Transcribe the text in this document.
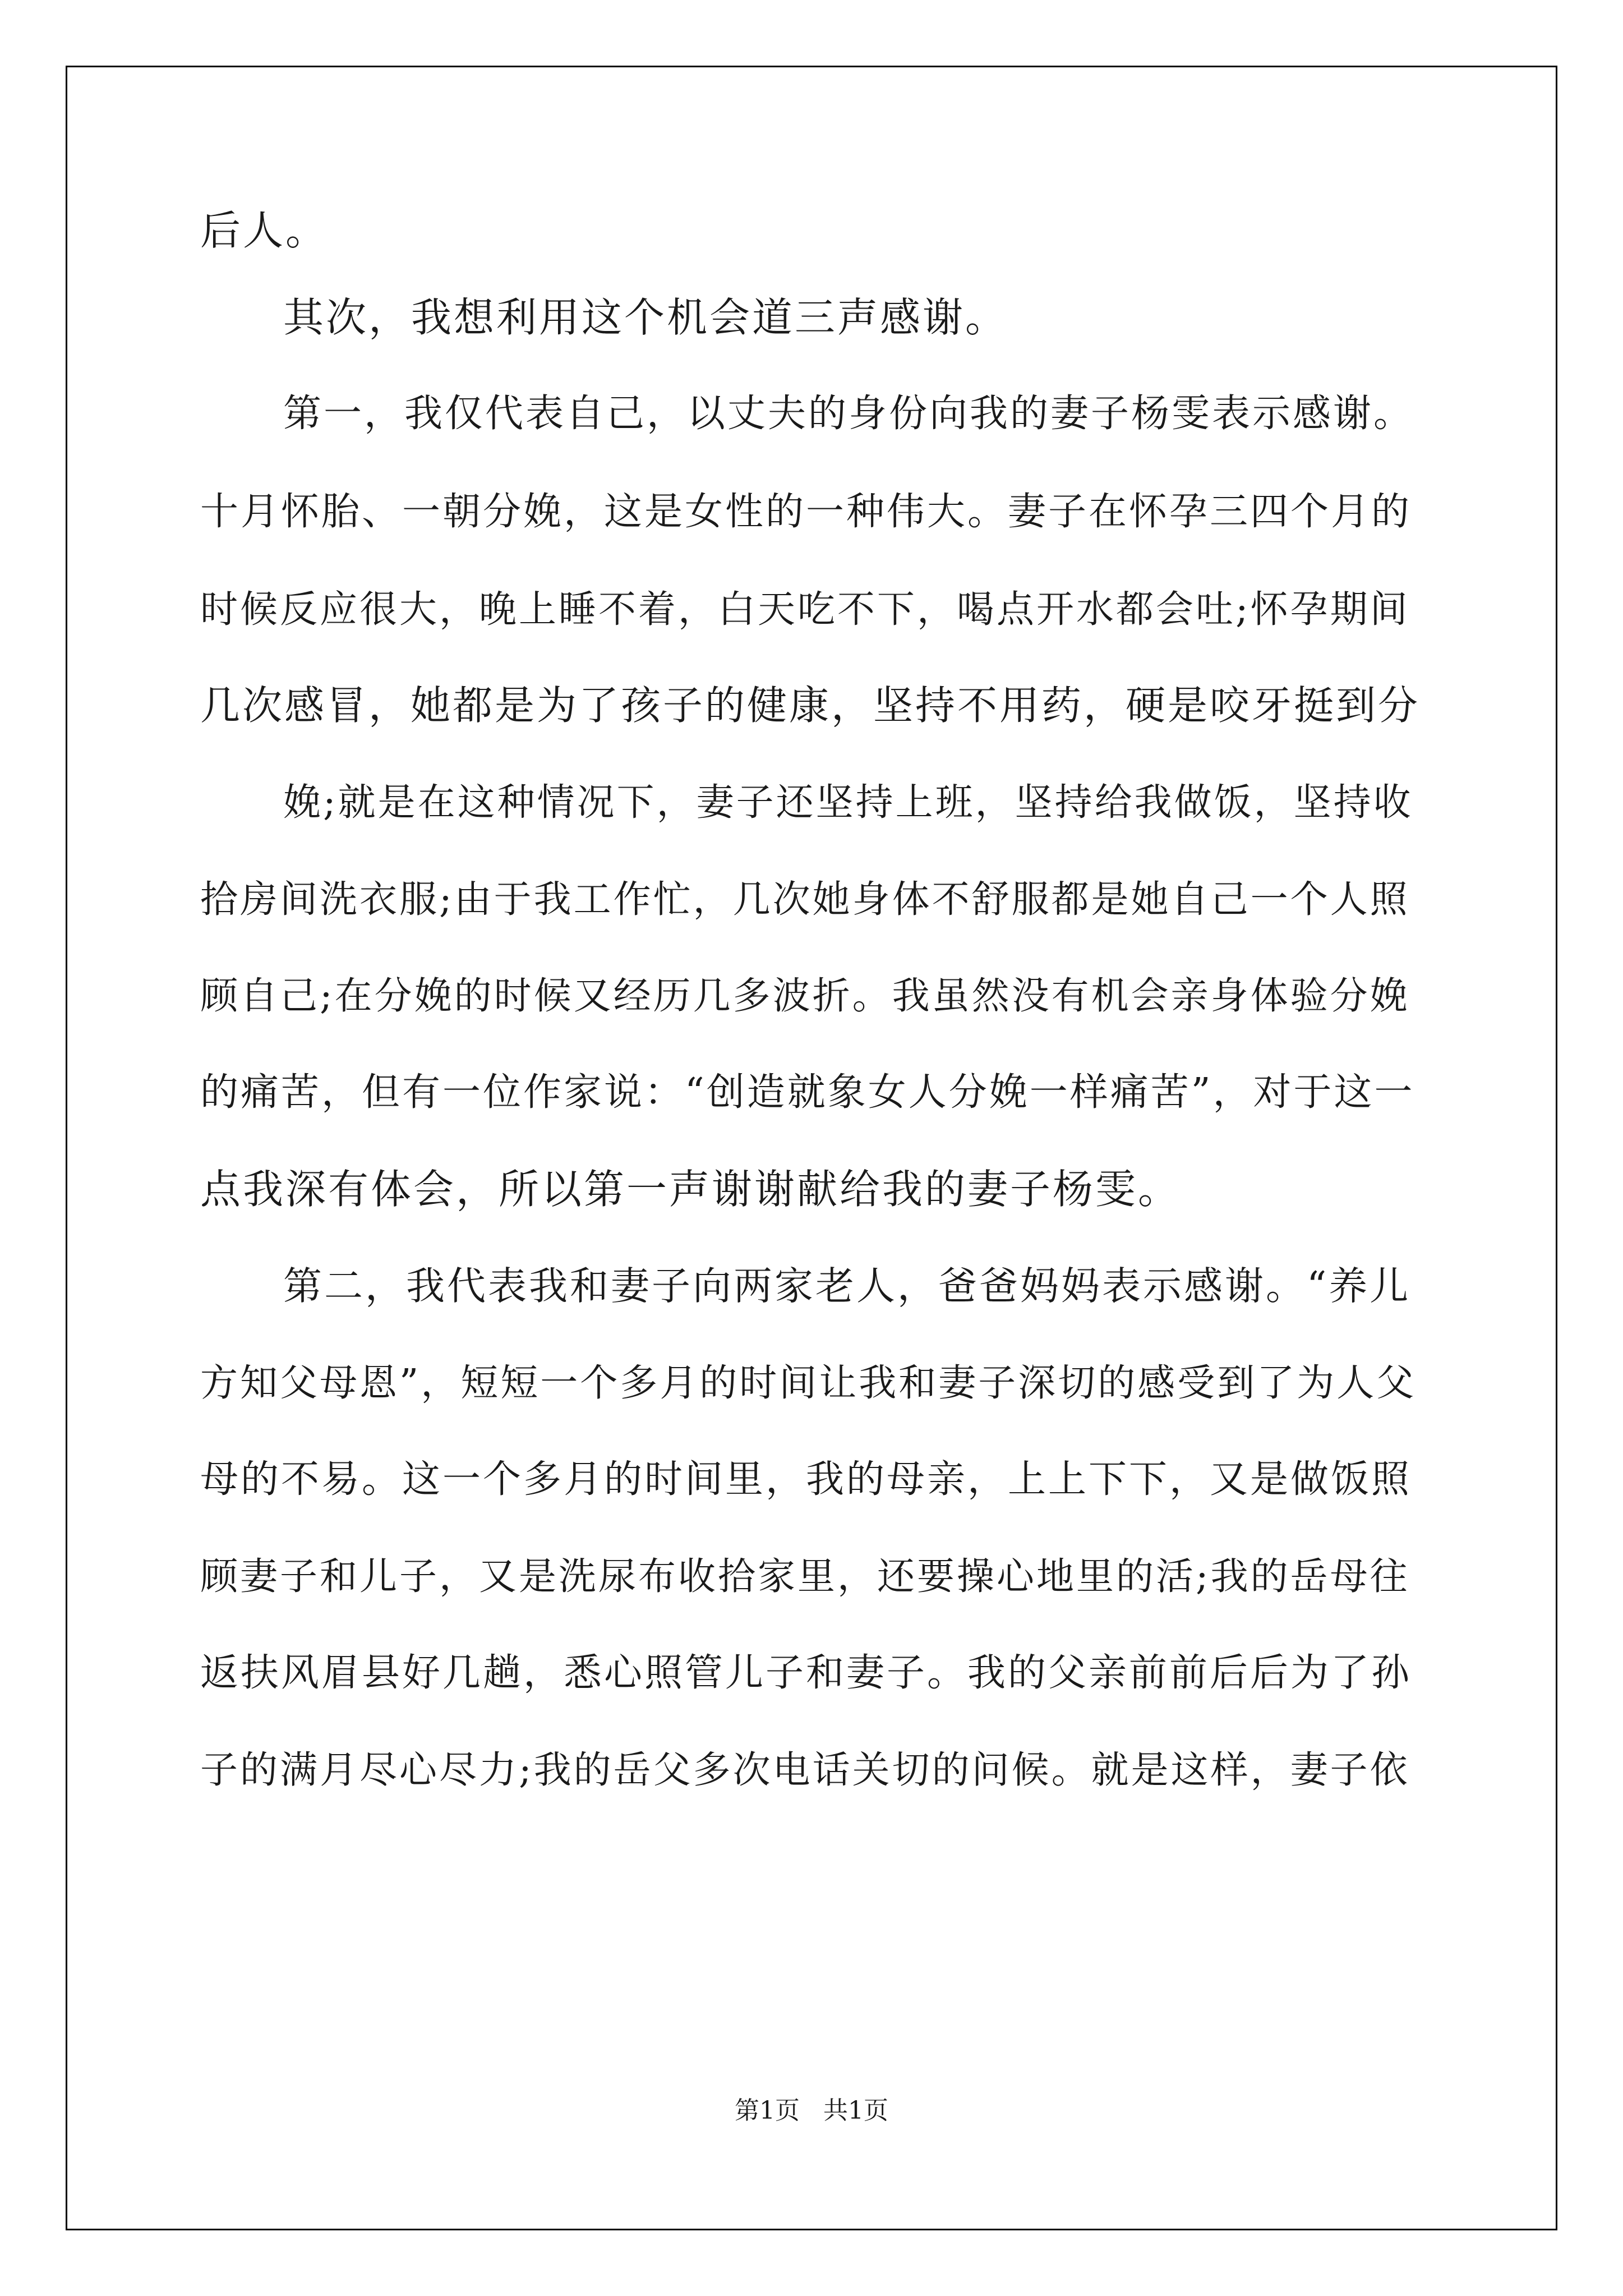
后人。
其次，我想利用这个机会道三声感谢。
第一，我仅代表自己，以丈夫的身份向我的妻子杨雯表示感谢。
十月怀胎、一朝分娩，这是女性的一种伟大。妻子在怀孕三四个月的
时候反应很大，晚上睡不着，白天吃不下，喝点开水都会吐;怀孕期间
几次感冒，她都是为了孩子的健康，坚持不用药，硬是咬牙挺到分
娩;就是在这种情况下，妻子还坚持上班，坚持给我做饭，坚持收
拾房间洗衣服;由于我工作忙，几次她身体不舒服都是她自己一个人照
顾自己;在分娩的时候又经历几多波折。我虽然没有机会亲身体验分娩
的痛苦，但有一位作家说：“创造就象女人分娩一样痛苦”，对于这一
点我深有体会，所以第一声谢谢献给我的妻子杨雯。
第二，我代表我和妻子向两家老人，爸爸妈妈表示感谢。“养儿
方知父母恩”，短短一个多月的时间让我和妻子深切的感受到了为人父
母的不易。这一个多月的时间里，我的母亲，上上下下，又是做饭照
顾妻子和儿子，又是洗尿布收拾家里，还要操心地里的活;我的岳母往
返扶风眉县好几趟，悉心照管儿子和妻子。我的父亲前前后后为了孙
子的满月尽心尽力;我的岳父多次电话关切的问候。就是这样，妻子依
第1页   共1页
